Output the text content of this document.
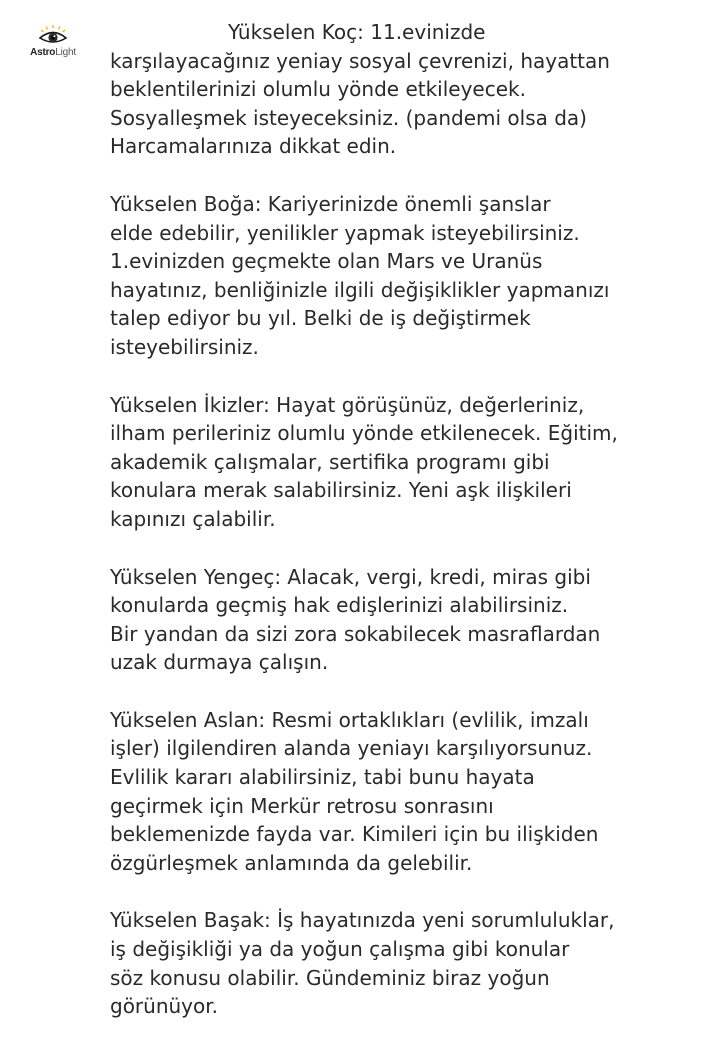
AstroLight

Yükselen Koç: 11.evinizde
karşılayacağınız yeniay sosyal çevrenizi, hayattan
beklentilerinizi olumlu yönde etkileyecek.
Sosyalleşmek isteyeceksiniz. (pandemi olsa da)
Harcamalarınıza dikkat edin.

Yükselen Boğa: Kariyerinizde önemli şanslar
elde edebilir, yenilikler yapmak isteyebilirsiniz.
1.evinizden geçmekte olan Mars ve Uranüs
hayatınız, benliğinizle ilgili değişiklikler yapmanızı
talep ediyor bu yıl. Belki de iş değiştirmek
isteyebilirsiniz.

Yükselen İkizler: Hayat görüşünüz, değerleriniz,
ilham perileriniz olumlu yönde etkilenecek. Eğitim,
akademik çalışmalar, sertifika programı gibi
konulara merak salabilirsiniz. Yeni aşk ilişkileri
kapınızı çalabilir.

Yükselen Yengeç: Alacak, vergi, kredi, miras gibi
konularda geçmiş hak edişlerinizi alabilirsiniz.
Bir yandan da sizi zora sokabilecek masraflardan
uzak durmaya çalışın.

Yükselen Aslan: Resmi ortaklıkları (evlilik, imzalı
işler) ilgilendiren alanda yeniayı karşılıyorsunuz.
Evlilik kararı alabilirsiniz, tabi bunu hayata
geçirmek için Merkür retrosu sonrasını
beklemenizde fayda var. Kimileri için bu ilişkiden
özgürleşmek anlamında da gelebilir.

Yükselen Başak: İş hayatınızda yeni sorumluluklar,
iş değişikliği ya da yoğun çalışma gibi konular
söz konusu olabilir. Gündeminiz biraz yoğun
görünüyor.
